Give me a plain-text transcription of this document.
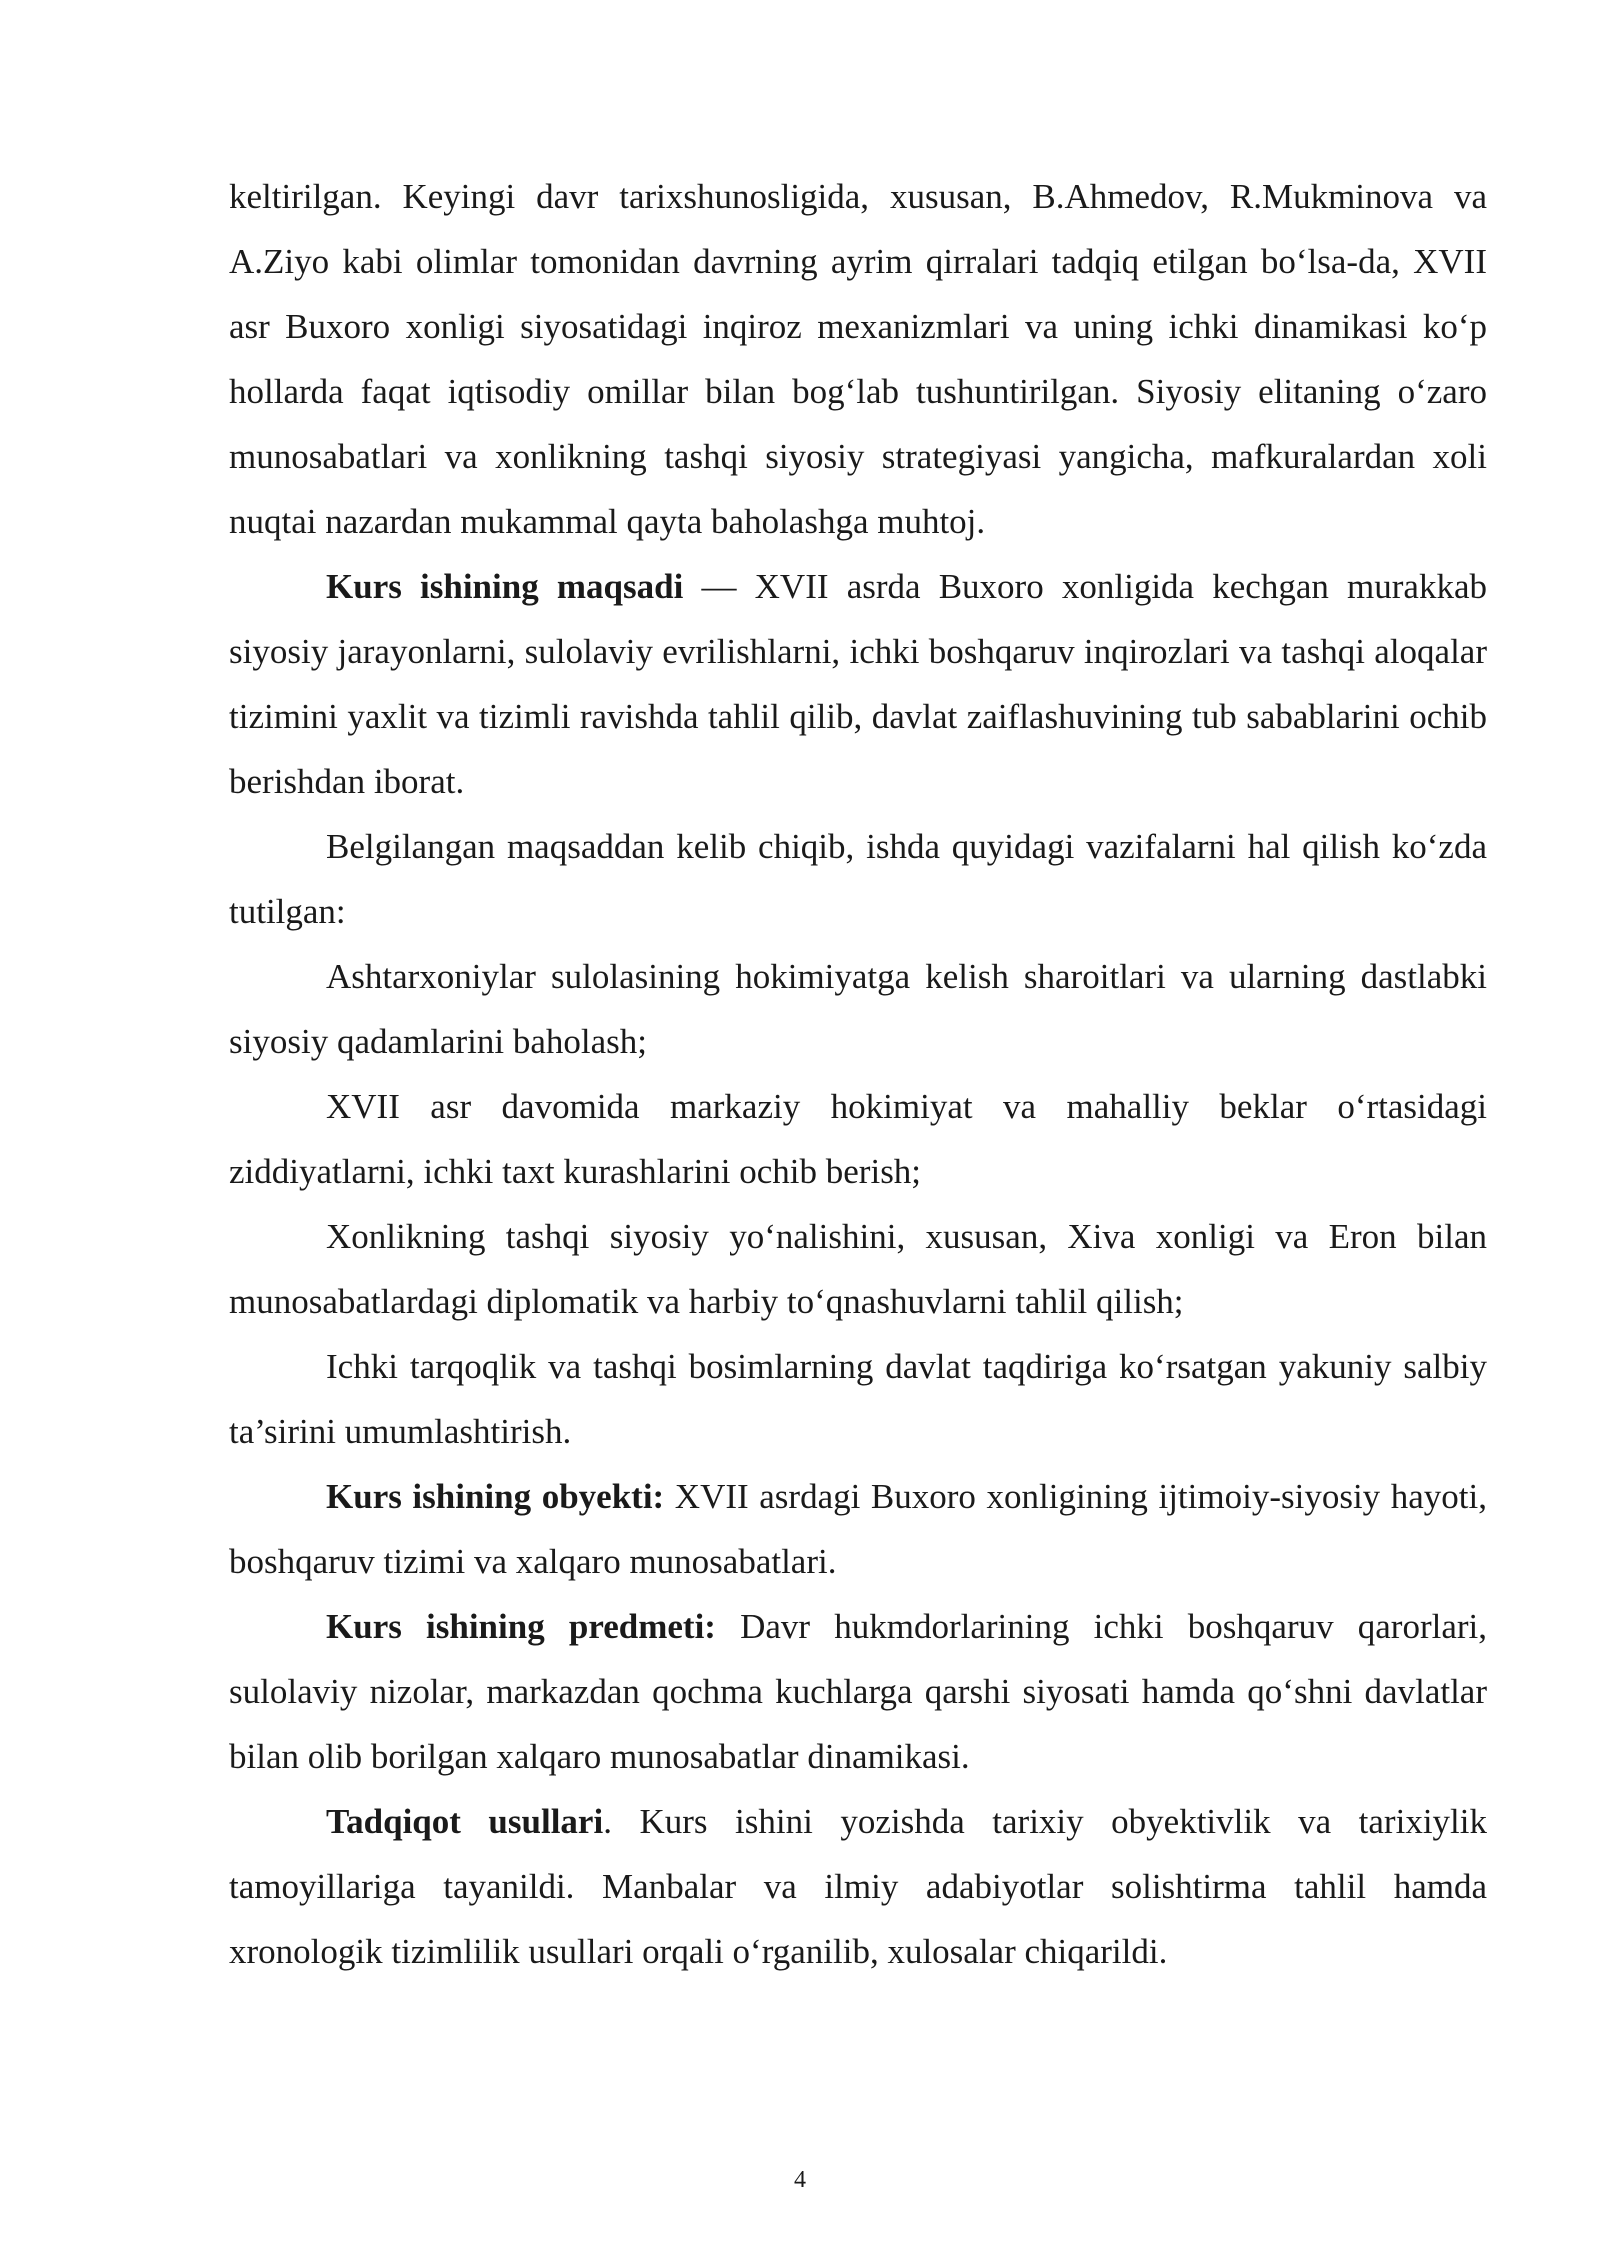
keltirilgan. Keyingi davr tarixshunosligida, xususan, B.Ahmedov, R.Mukminova va A.Ziyo kabi olimlar tomonidan davrning ayrim qirralari tadqiq etilgan bo‘lsa-da, XVII asr Buxoro xonligi siyosatidagi inqiroz mexanizmlari va uning ichki dinamikasi ko‘p hollarda faqat iqtisodiy omillar bilan bog‘lab tushuntirilgan. Siyosiy elitaning o‘zaro munosabatlari va xonlikning tashqi siyosiy strategiyasi yangicha, mafkuralardan xoli nuqtai nazardan mukammal qayta baholashga muhtoj.

Kurs ishining maqsadi — XVII asrda Buxoro xonligida kechgan murakkab siyosiy jarayonlarni, sulolaviy evrilishlarni, ichki boshqaruv inqirozlari va tashqi aloqalar tizimini yaxlit va tizimli ravishda tahlil qilib, davlat zaiflashuvining tub sabablarini ochib berishdan iborat.

Belgilangan maqsaddan kelib chiqib, ishda quyidagi vazifalarni hal qilish ko‘zda tutilgan:

Ashtarxoniylar sulolasining hokimiyatga kelish sharoitlari va ularning dastlabki siyosiy qadamlarini baholash;

XVII asr davomida markaziy hokimiyat va mahalliy beklar o‘rtasidagi ziddiyatlarni, ichki taxt kurashlarini ochib berish;

Xonlikning tashqi siyosiy yo‘nalishini, xususan, Xiva xonligi va Eron bilan munosabatlardagi diplomatik va harbiy to‘qnashuvlarni tahlil qilish;

Ichki tarqoqlik va tashqi bosimlarning davlat taqdiriga ko‘rsatgan yakuniy salbiy ta’sirini umumlashtirish.

Kurs ishining obyekti: XVII asrdagi Buxoro xonligining ijtimoiy-siyosiy hayoti, boshqaruv tizimi va xalqaro munosabatlari.

Kurs ishining predmeti: Davr hukmdorlarining ichki boshqaruv qarorlari, sulolaviy nizolar, markazdan qochma kuchlarga qarshi siyosati hamda qo‘shni davlatlar bilan olib borilgan xalqaro munosabatlar dinamikasi.

Tadqiqot usullari. Kurs ishini yozishda tarixiy obyektivlik va tarixiylik tamoyillariga tayanildi. Manbalar va ilmiy adabiyotlar solishtirma tahlil hamda xronologik tizimlilik usullari orqali o‘rganilib, xulosalar chiqarildi.

4
